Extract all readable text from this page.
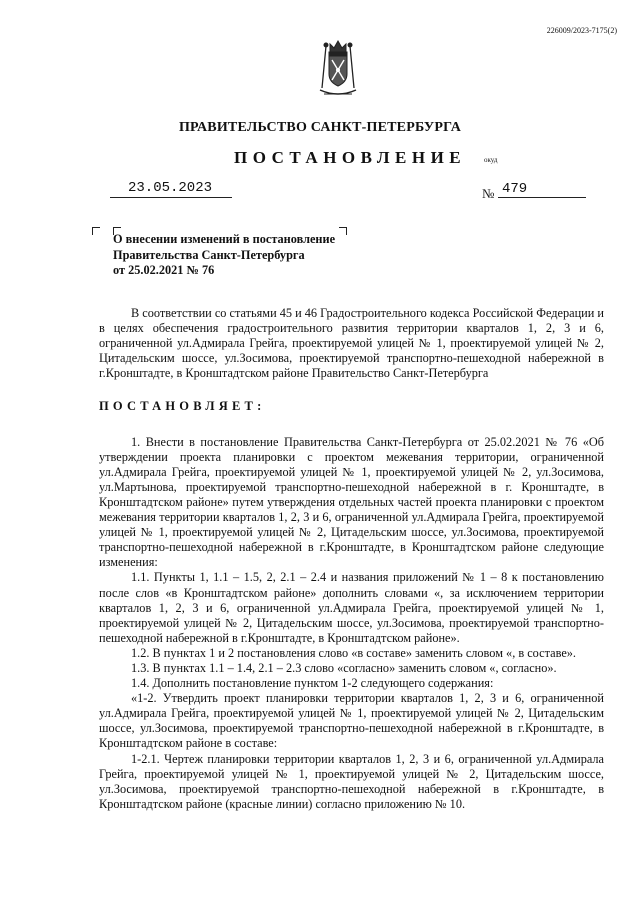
226009/2023-7175(2)
ПРАВИТЕЛЬСТВО САНКТ-ПЕТЕРБУРГА
ПОСТАНОВЛЕНИЕ	окуд
23.05.2023	№ 479
О внесении изменений в постановление
Правительства Санкт-Петербурга
от 25.02.2021 № 76

В соответствии со статьями 45 и 46 Градостроительного кодекса Российской Федерации и в целях обеспечения градостроительного развития территории кварталов 1, 2, 3 и 6, ограниченной ул.Адмирала Грейга, проектируемой улицей № 1, проектируемой улицей № 2, Цитадельским шоссе, ул.Зосимова, проектируемой транспортно-пешеходной набережной в г.Кронштадте, в Кронштадтском районе Правительство Санкт-Петербурга

ПОСТАНОВЛЯЕТ:

1. Внести в постановление Правительства Санкт-Петербурга от 25.02.2021 № 76 «Об утверждении проекта планировки с проектом межевания территории, ограниченной ул.Адмирала Грейга, проектируемой улицей № 1, проектируемой улицей № 2, ул.Зосимова, ул.Мартынова, проектируемой транспортно-пешеходной набережной в г. Кронштадте, в Кронштадтском районе» путем утверждения отдельных частей проекта планировки с проектом межевания территории кварталов 1, 2, 3 и 6, ограниченной ул.Адмирала Грейга, проектируемой улицей № 1, проектируемой улицей № 2, Цитадельским шоссе, ул.Зосимова, проектируемой транспортно-пешеходной набережной в г.Кронштадте, в Кронштадтском районе следующие изменения:

1.1. Пункты 1, 1.1 – 1.5, 2, 2.1 – 2.4 и названия приложений № 1 – 8 к постановлению после слов «в Кронштадтском районе» дополнить словами «, за исключением территории кварталов 1, 2, 3 и 6, ограниченной ул.Адмирала Грейга, проектируемой улицей № 1, проектируемой улицей № 2, Цитадельским шоссе, ул.Зосимова, проектируемой транспортно-пешеходной набережной в г.Кронштадте, в Кронштадтском районе».

1.2. В пунктах 1 и 2 постановления слово «в составе» заменить словом «, в составе».

1.3. В пунктах 1.1 – 1.4, 2.1 – 2.3 слово «согласно» заменить словом «, согласно».

1.4. Дополнить постановление пунктом 1-2 следующего содержания:

«1-2. Утвердить проект планировки территории кварталов 1, 2, 3 и 6, ограниченной ул.Адмирала Грейга, проектируемой улицей № 1, проектируемой улицей № 2, Цитадельским шоссе, ул.Зосимова, проектируемой транспортно-пешеходной набережной в г.Кронштадте, в Кронштадтском районе в составе:

1-2.1. Чертеж планировки территории кварталов 1, 2, 3 и 6, ограниченной ул.Адмирала Грейга, проектируемой улицей № 1, проектируемой улицей № 2, Цитадельским шоссе, ул.Зосимова, проектируемой транспортно-пешеходной набережной в г.Кронштадте, в Кронштадтском районе (красные линии) согласно приложению № 10.
